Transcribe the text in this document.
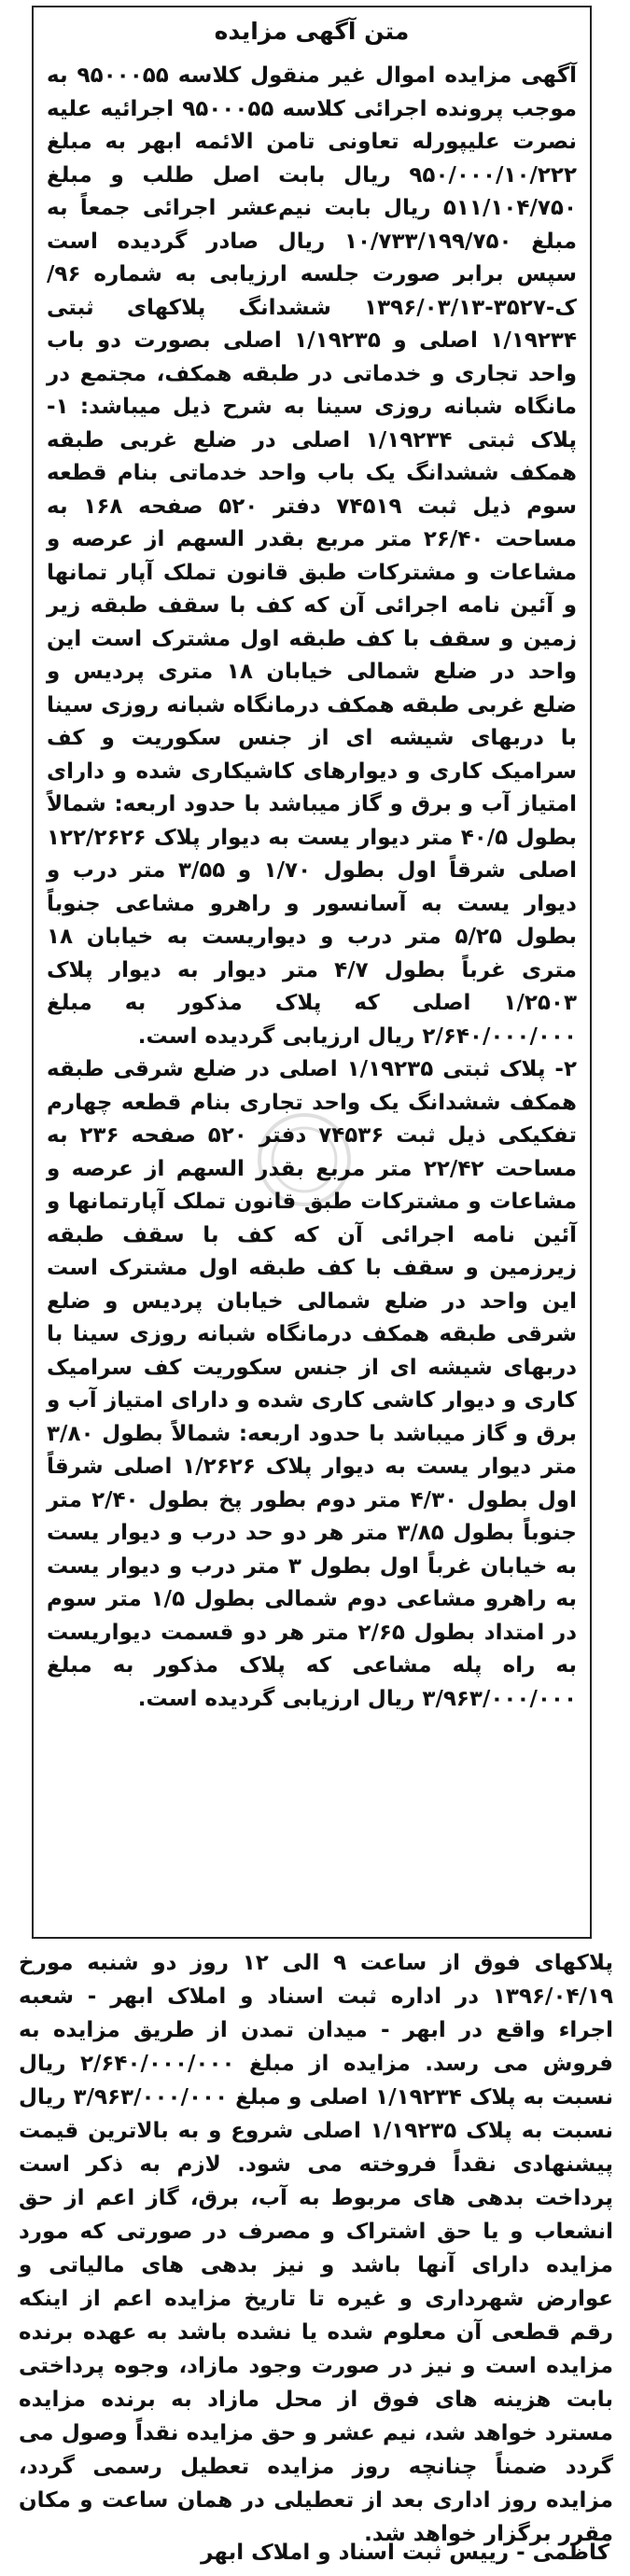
متن آگهی مزایده

آگهی مزایده اموال غیر منقول کلاسه ۹۵۰۰۰۵۵ به موجب پرونده اجرائی کلاسه ۹۵۰۰۰۵۵ اجرائیه علیه نصرت علیپورله تعاونی تامن الائمه ابهر به مبلغ ۹۵۰/۰۰۰/۱۰/۲۲۲ ریال بابت اصل طلب و مبلغ ۵۱۱/۱۰۴/۷۵۰ ریال بابت نیم‌عشر اجرائی جمعاً به مبلغ ۱۰/۷۳۳/۱۹۹/۷۵۰ ریال صادر گردیده است سپس برابر صورت جلسه ارزیابی به شماره ۹۶/ک-۳۵۲۷-۱۳۹۶/۰۳/۱۳ ششدانگ پلاکهای ثبتی ۱/۱۹۲۳۴ اصلی و ۱/۱۹۲۳۵ اصلی بصورت دو باب واحد تجاری و خدماتی در طبقه همکف، مجتمع در مانگاه شبانه روزی سینا به شرح ذیل میباشد: ۱- پلاک ثبتی ۱/۱۹۲۳۴ اصلی در ضلع غربی طبقه همکف ششدانگ یک باب واحد خدماتی بنام قطعه سوم ذیل ثبت ۷۴۵۱۹ دفتر ۵۲۰ صفحه ۱۶۸ به مساحت ۲۶/۴۰ متر مربع بقدر السهم از عرصه و مشاعات و مشترکات طبق قانون تملک آپار تمانها و آئین نامه اجرائی آن که کف با سقف طبقه زیر زمین و سقف با کف طبقه اول مشترک است این واحد در ضلع شمالی خیابان ۱۸ متری پردیس و ضلع غربی طبقه همکف درمانگاه شبانه روزی سینا با دربهای شیشه ای از جنس سکوریت و کف سرامیک کاری و دیوارهای کاشیکاری شده و دارای امتیاز آب و برق و گاز میباشد با حدود اربعه: شمالاً بطول ۴۰/۵ متر دیوار یست به دیوار پلاک ۱۲۲/۲۶۲۶ اصلی شرقاً اول بطول ۱/۷۰ و ۳/۵۵ متر درب و دیوار یست به آسانسور و راهرو مشاعی جنوباً بطول ۵/۲۵ متر درب و دیواریست به خیابان ۱۸ متری غرباً بطول ۴/۷ متر دیوار به دیوار پلاک ۱/۲۵۰۳ اصلی که پلاک مذکور به مبلغ ۲/۶۴۰/۰۰۰/۰۰۰ ریال ارزیابی گردیده است.

۲- پلاک ثبتی ۱/۱۹۲۳۵ اصلی در ضلع شرقی طبقه همکف ششدانگ یک واحد تجاری بنام قطعه چهارم تفکیکی ذیل ثبت ۷۴۵۳۶ دفتر ۵۲۰ صفحه ۲۳۶ به مساحت ۲۲/۴۲ متر مربع بقدر السهم از عرصه و مشاعات و مشترکات طبق قانون تملک آپارتمانها و آئین نامه اجرائی آن که کف با سقف طبقه زیرزمین و سقف با کف طبقه اول مشترک است این واحد در ضلع شمالی خیابان پردیس و ضلع شرقی طبقه همکف درمانگاه شبانه روزی سینا با دربهای شیشه ای از جنس سکوریت کف سرامیک کاری و دیوار کاشی کاری شده و دارای امتیاز آب و برق و گاز میباشد با حدود اربعه: شمالاً بطول ۳/۸۰ متر دیوار یست به دیوار پلاک ۱/۲۶۲۶ اصلی شرقاً اول بطول ۴/۳۰ متر دوم بطور پخ بطول ۲/۴۰ متر جنوباً بطول ۳/۸۵ متر هر دو حد درب و دیوار یست به خیابان غرباً اول بطول ۳ متر درب و دیوار یست به راهرو مشاعی دوم شمالی بطول ۱/۵ متر سوم در امتداد بطول ۲/۶۵ متر هر دو قسمت دیواریست به راه پله مشاعی که پلاک مذکور به مبلغ ۳/۹۶۳/۰۰۰/۰۰۰ ریال ارزیابی گردیده است.

پلاکهای فوق از ساعت ۹ الی ۱۲ روز دو شنبه مورخ ۱۳۹۶/۰۴/۱۹ در اداره ثبت اسناد و املاک ابهر - شعبه اجراء واقع در ابهر - میدان تمدن از طریق مزایده به فروش می رسد. مزایده از مبلغ ۲/۶۴۰/۰۰۰/۰۰۰ ریال نسبت به پلاک ۱/۱۹۲۳۴ اصلی و مبلغ ۳/۹۶۳/۰۰۰/۰۰۰ ریال نسبت به پلاک ۱/۱۹۲۳۵ اصلی شروع و به بالاترین قیمت پیشنهادی نقداً فروخته می شود. لازم به ذکر است پرداخت بدهی های مربوط به آب، برق، گاز اعم از حق انشعاب و یا حق اشتراک و مصرف در صورتی که مورد مزایده دارای آنها باشد و نیز بدهی های مالیاتی و عوارض شهرداری و غیره تا تاریخ مزایده اعم از اینکه رقم قطعی آن معلوم شده یا نشده باشد به عهده برنده مزایده است و نیز در صورت وجود مازاد، وجوه پرداختی بابت هزینه های فوق از محل مازاد به برنده مزایده مسترد خواهد شد، نیم عشر و حق مزایده نقداً وصول می گردد ضمناً چنانچه روز مزایده تعطیل رسمی گردد، مزایده روز اداری بعد از تعطیلی در همان ساعت و مکان مقرر برگزار خواهد شد.
کاظمی - رییس ثبت اسناد و املاک ابهر
